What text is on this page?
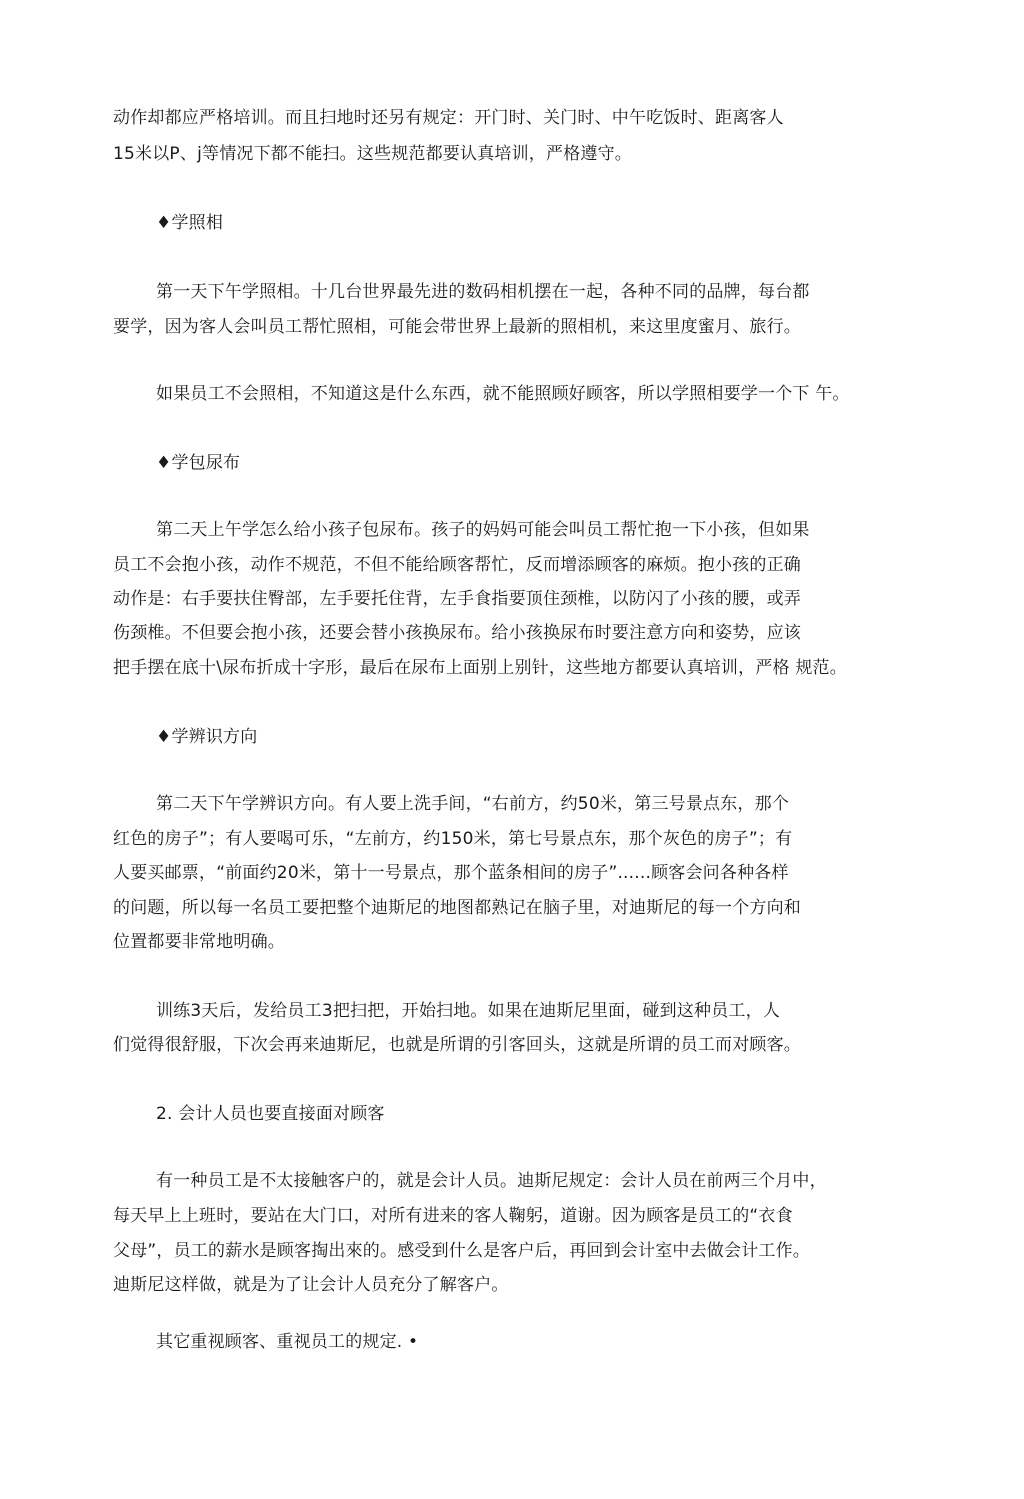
动作却都应严格培训。而且扫地时还另有规定：开门时、关门时、中午吃饭时、距离客人
15米以P、j等情况下都不能扫。这些规范都要认真培训，严格遵守。
♦学照相
第一天下午学照相。十几台世界最先进的数码相机摆在一起，各种不同的品牌，每台都
要学，因为客人会叫员工帮忙照相，可能会带世界上最新的照相机，来这里度蜜月、旅行。
如果员工不会照相，不知道这是什么东西，就不能照顾好顾客，所以学照相要学一个下 午。
♦学包尿布
第二天上午学怎么给小孩子包尿布。孩子的妈妈可能会叫员工帮忙抱一下小孩，但如果
员工不会抱小孩，动作不规范，不但不能给顾客帮忙，反而增添顾客的麻烦。抱小孩的正确
动作是：右手要扶住臀部，左手要托住背，左手食指要顶住颈椎，以防闪了小孩的腰，或弄
伤颈椎。不但要会抱小孩，还要会替小孩换尿布。给小孩换尿布时要注意方向和姿势，应该
把手摆在底十\尿布折成十字形，最后在尿布上面别上别针，这些地方都要认真培训，严格 规范。
♦学辨识方向
第二天下午学辨识方向。有人要上洗手间，“右前方，约50米，第三号景点东，那个
红色的房子”；有人要喝可乐，“左前方，约150米，第七号景点东，那个灰色的房子”；有
人要买邮票，“前面约20米，第十一号景点，那个蓝条相间的房子”......顾客会问各种各样
的问题，所以每一名员工要把整个迪斯尼的地图都熟记在脑子里，对迪斯尼的每一个方向和
位置都要非常地明确。
训练3天后，发给员工3把扫把，开始扫地。如果在迪斯尼里面，碰到这种员工，人
们觉得很舒服，下次会再来迪斯尼，也就是所谓的引客回头，这就是所谓的员工而对顾客。
2. 会计人员也要直接面对顾客
有一种员工是不太接触客户的，就是会计人员。迪斯尼规定：会计人员在前两三个月中，
每天早上上班时，要站在大门口，对所有进来的客人鞠躬，道谢。因为顾客是员工的“衣食
父母”，员工的薪水是顾客掏出來的。感受到什么是客户后，再回到会计室中去做会计工作。
迪斯尼这样做，就是为了让会计人员充分了解客户。
其它重视顾客、重视员工的规定. •
